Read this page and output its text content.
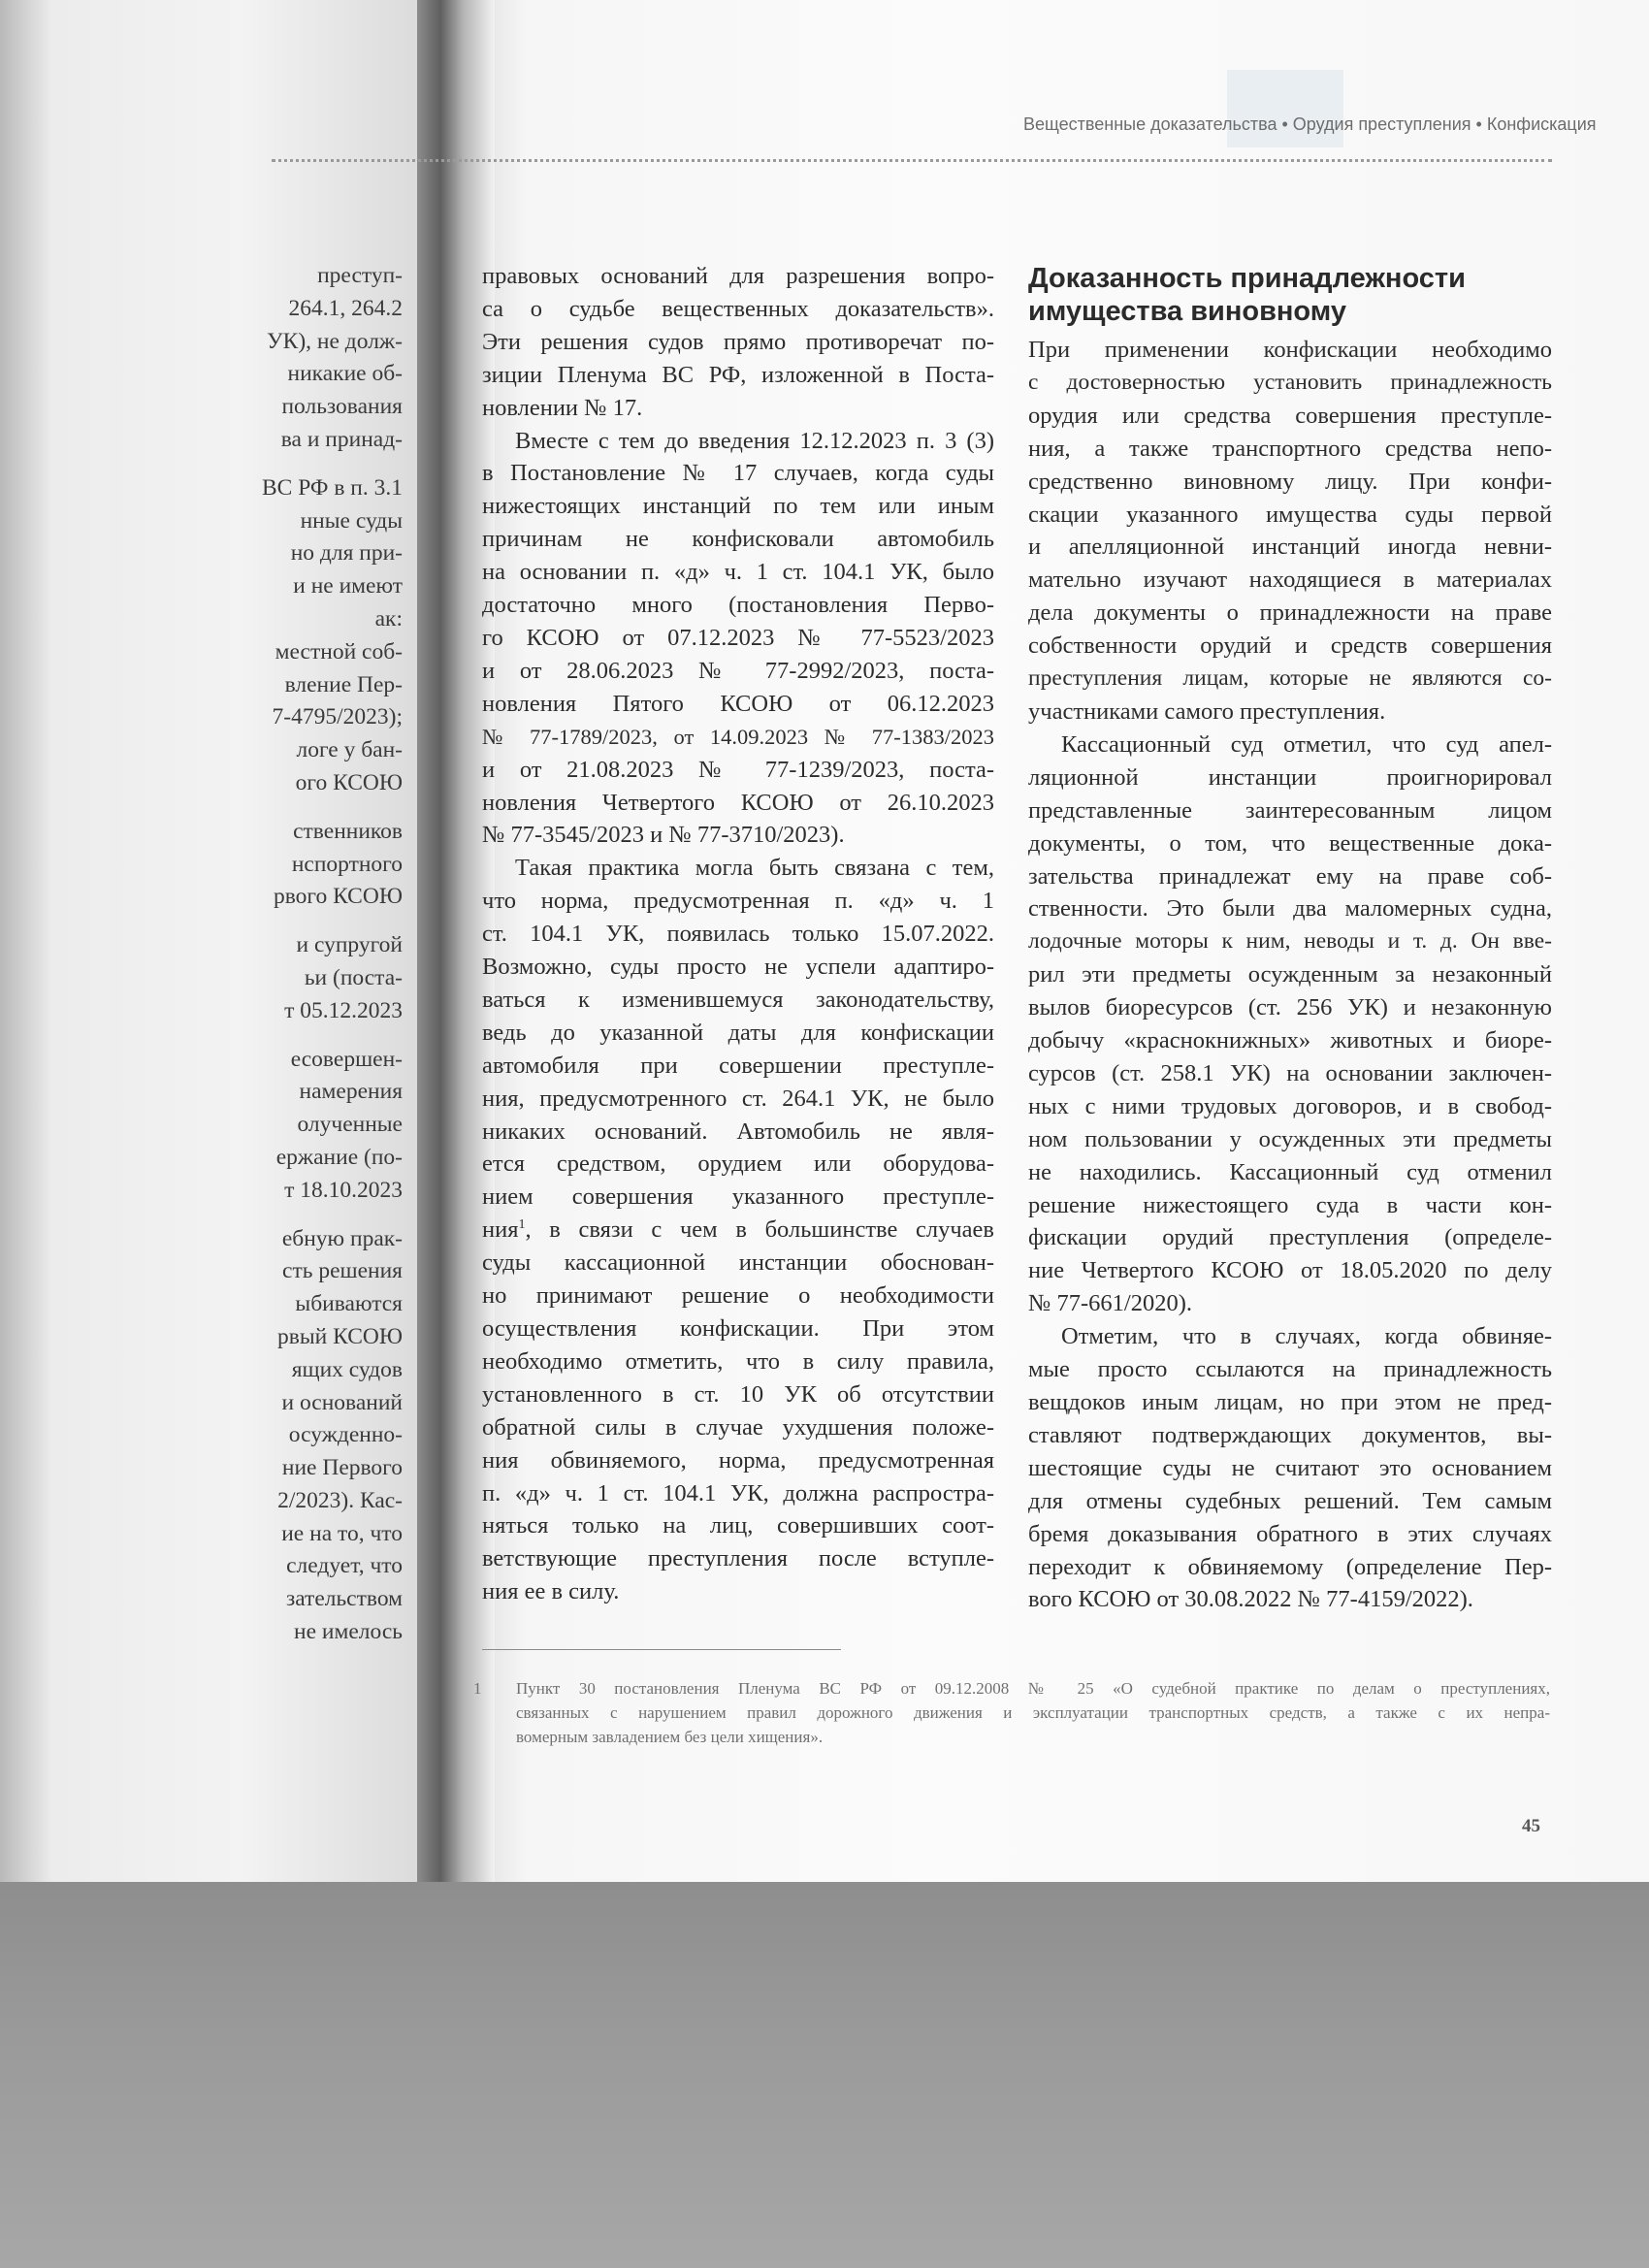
Вещественные доказательства • Орудия преступления • Конфискация
преступ-
264.1, 264.2
УК), не долж-
никакие об-
пользования
ва и принад-
ВС РФ в п. 3.1
нные суды
но для при-
и не имеют
ак:
местной соб-
вление Пер-
7-4795/2023);
логе у бан-
ого КСОЮ
ственников
нспортного
рвого КСОЮ
и супругой
ьи (поста-
т 05.12.2023
есовершен-
намерения
олученные
ержание (по-
т 18.10.2023
ебную прак-
сть решения
ыбиваются
рвый КСОЮ
ящих судов
и оснований
осужденно-
ние Первого
2/2023). Кас-
ие на то, что
следует, что
зательством
не имелось
правовых оснований для разрешения вопро-
са о судьбе вещественных доказательств».
Эти решения судов прямо противоречат по-
зиции Пленума ВС РФ, изложенной в Поста-
новлении № 17.
Вместе с тем до введения 12.12.2023 п. 3 (3)
в Постановление № 17 случаев, когда суды
нижестоящих инстанций по тем или иным
причинам не конфисковали автомобиль
на основании п. «д» ч. 1 ст. 104.1 УК, было
достаточно много (постановления Перво-
го КСОЮ от 07.12.2023 № 77-5523/2023
и от 28.06.2023 № 77-2992/2023, поста-
новления Пятого КСОЮ от 06.12.2023
№ 77-1789/2023, от 14.09.2023 № 77-1383/2023
и от 21.08.2023 № 77-1239/2023, поста-
новления Четвертого КСОЮ от 26.10.2023
№ 77-3545/2023 и № 77-3710/2023).
Такая практика могла быть связана с тем,
что норма, предусмотренная п. «д» ч. 1
ст. 104.1 УК, появилась только 15.07.2022.
Возможно, суды просто не успели адаптиро-
ваться к изменившемуся законодательству,
ведь до указанной даты для конфискации
автомобиля при совершении преступле-
ния, предусмотренного ст. 264.1 УК, не было
никаких оснований. Автомобиль не явля-
ется средством, орудием или оборудова-
нием совершения указанного преступле-
ния$^1$, в связи с чем в большинстве случаев
суды кассационной инстанции обоснован-
но принимают решение о необходимости
осуществления конфискации. При этом
необходимо отметить, что в силу правила,
установленного в ст. 10 УК об отсутствии
обратной силы в случае ухудшения положе-
ния обвиняемого, норма, предусмотренная
п. «д» ч. 1 ст. 104.1 УК, должна распростра-
няться только на лиц, совершивших соот-
ветствующие преступления после вступле-
ния ее в силу.
Доказанность принадлежности
имущества виновному
При применении конфискации необходимо
с достоверностью установить принадлежность
орудия или средства совершения преступле-
ния, а также транспортного средства непо-
средственно виновному лицу. При конфи-
скации указанного имущества суды первой
и апелляционной инстанций иногда невни-
мательно изучают находящиеся в материалах
дела документы о принадлежности на праве
собственности орудий и средств совершения
преступления лицам, которые не являются со-
участниками самого преступления.
Кассационный суд отметил, что суд апел-
ляционной инстанции проигнорировал
представленные заинтересованным лицом
документы, о том, что вещественные дока-
зательства принадлежат ему на праве соб-
ственности. Это были два маломерных судна,
лодочные моторы к ним, неводы и т. д. Он вве-
рил эти предметы осужденным за незаконный
вылов биоресурсов (ст. 256 УК) и незаконную
добычу «краснокнижных» животных и биоре-
сурсов (ст. 258.1 УК) на основании заключен-
ных с ними трудовых договоров, и в свобод-
ном пользовании у осужденных эти предметы
не находились. Кассационный суд отменил
решение нижестоящего суда в части кон-
фискации орудий преступления (определе-
ние Четвертого КСОЮ от 18.05.2020 по делу
№ 77-661/2020).
Отметим, что в случаях, когда обвиняе-
мые просто ссылаются на принадлежность
вещдоков иным лицам, но при этом не пред-
ставляют подтверждающих документов, вы-
шестоящие суды не считают это основанием
для отмены судебных решений. Тем самым
бремя доказывания обратного в этих случаях
переходит к обвиняемому (определение Пер-
вого КСОЮ от 30.08.2022 № 77-4159/2022).
1 Пункт 30 постановления Пленума ВС РФ от 09.12.2008 № 25 «О судебной практике по делам о преступлениях,
связанных с нарушением правил дорожного движения и эксплуатации транспортных средств, а также с их непра-
вомерным завладением без цели хищения».
45
